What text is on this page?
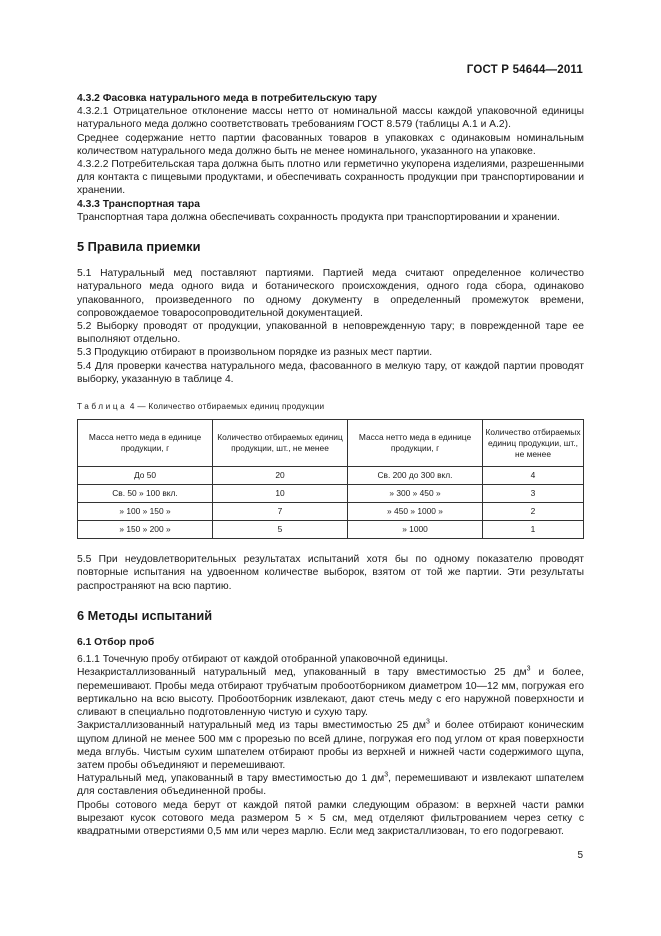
ГОСТ Р 54644—2011

4.3.2 Фасовка натурального меда в потребительскую тару

4.3.2.1 Отрицательное отклонение массы нетто от номинальной массы каждой упаковочной единицы натурального меда должно соответствовать требованиям ГОСТ 8.579 (таблицы А.1 и А.2).

Среднее содержание нетто партии фасованных товаров в упаковках с одинаковым номинальным количеством натурального меда должно быть не менее номинального, указанного на упаковке.

4.3.2.2 Потребительская тара должна быть плотно или герметично укупорена изделиями, разрешенными для контакта с пищевыми продуктами, и обеспечивать сохранность продукции при транспортировании и хранении.

4.3.3 Транспортная тара

Транспортная тара должна обеспечивать сохранность продукта при транспортировании и хранении.

5 Правила приемки

5.1 Натуральный мед поставляют партиями. Партией меда считают определенное количество натурального меда одного вида и ботанического происхождения, одного года сбора, одинаково упакованного, произведенного по одному документу в определенный промежуток времени, сопровождаемое товаросопроводительной документацией.

5.2 Выборку проводят от продукции, упакованной в неповрежденную тару; в поврежденной таре ее выполняют отдельно.

5.3 Продукцию отбирают в произвольном порядке из разных мест партии.

5.4 Для проверки качества натурального меда, фасованного в мелкую тару, от каждой партии проводят выборку, указанную в таблице 4.

Таблица 4 — Количество отбираемых единиц продукции

Масса нетто меда в единице продукции, г	Количество отбираемых единиц продукции, шт., не менее	Масса нетто меда в единице продукции, г	Количество отбираемых единиц продукции, шт., не менее
До 50	20	Св. 200 до 300 вкл.	4
Св. 50 » 100 вкл.	10	» 300 » 450 »	3
» 100 » 150 »	7	» 450 » 1000 »	2
» 150 » 200 »	5	» 1000	1

5.5 При неудовлетворительных результатах испытаний хотя бы по одному показателю проводят повторные испытания на удвоенном количестве выборок, взятом от той же партии. Эти результаты распространяют на всю партию.

6 Методы испытаний

6.1 Отбор проб

6.1.1 Точечную пробу отбирают от каждой отобранной упаковочной единицы.

Незакристаллизованный натуральный мед, упакованный в тару вместимостью 25 $дм^3$ и более, перемешивают. Пробы меда отбирают трубчатым пробоотборником диаметром 10—12 мм, погружая его вертикально на всю высоту. Пробоотборник извлекают, дают стечь меду с его наружной поверхности и сливают в специально подготовленную чистую и сухую тару.

Закристаллизованный натуральный мед из тары вместимостью 25 $дм^3$ и более отбирают коническим щупом длиной не менее 500 мм с прорезью по всей длине, погружая его под углом от края поверхности меда вглубь. Чистым сухим шпателем отбирают пробы из верхней и нижней части содержимого щупа, затем пробы объединяют и перемешивают.

Натуральный мед, упакованный в тару вместимостью до 1 $дм^3$, перемешивают и извлекают шпателем для составления объединенной пробы.

Пробы сотового меда берут от каждой пятой рамки следующим образом: в верхней части рамки вырезают кусок сотового меда размером 5 × 5 см, мед отделяют фильтрованием через сетку с квадратными отверстиями 0,5 мм или через марлю. Если мед закристаллизован, то его подогревают.

5
